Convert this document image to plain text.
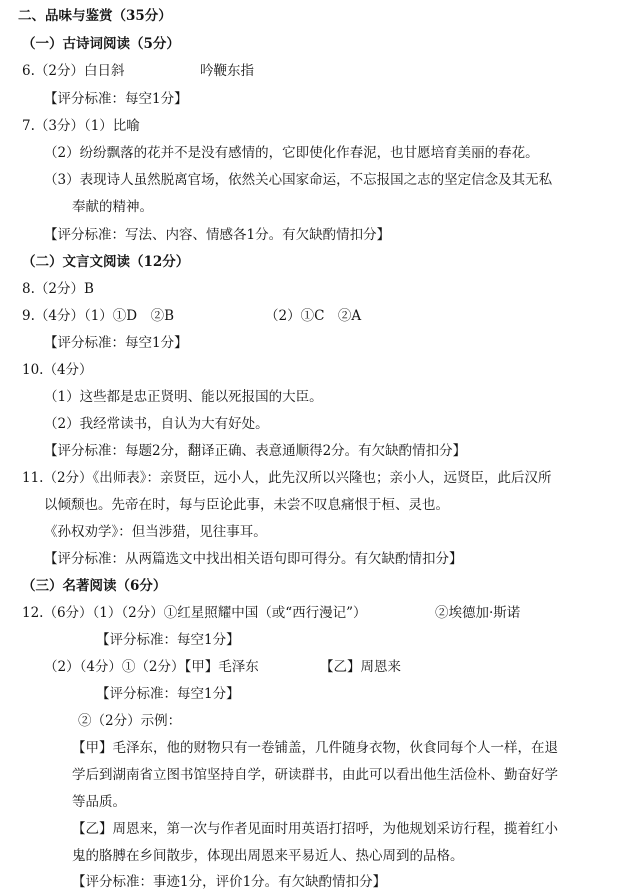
二、品味与鉴赏（35分）
（一）古诗词阅读（5分）
6.（2分）白日斜	吟鞭东指
【评分标准：每空1分】
7.（3分）（1）比喻
（2）纷纷飘落的花并不是没有感情的，它即使化作春泥，也甘愿培育美丽的春花。
（3）表现诗人虽然脱离官场，依然关心国家命运，不忘报国之志的坚定信念及其无私
奉献的精神。
【评分标准：写法、内容、情感各1分。有欠缺酌情扣分】
（二）文言文阅读（12分）
8.（2分）B
9.（4分）（1）①D　②B	（2）①C　②A
【评分标准：每空1分】
10.（4分）
（1）这些都是忠正贤明、能以死报国的大臣。
（2）我经常读书，自认为大有好处。
【评分标准：每题2分，翻译正确、表意通顺得2分。有欠缺酌情扣分】
11.（2分）《出师表》：亲贤臣，远小人，此先汉所以兴隆也；亲小人，远贤臣，此后汉所
以倾颓也。先帝在时，每与臣论此事，未尝不叹息痛恨于桓、灵也。
《孙权劝学》：但当涉猎，见往事耳。
【评分标准：从两篇选文中找出相关语句即可得分。有欠缺酌情扣分】
（三）名著阅读（6分）
12.（6分）（1）（2分）①红星照耀中国（或“西行漫记”）	②埃德加·斯诺
【评分标准：每空1分】
（2）（4分）①（2分）【甲】毛泽东	【乙】周恩来
【评分标准：每空1分】
②（2分）示例：
【甲】毛泽东，他的财物只有一卷铺盖，几件随身衣物，伙食同每个人一样，在退
学后到湖南省立图书馆坚持自学，研读群书，由此可以看出他生活俭朴、勤奋好学
等品质。
【乙】周恩来，第一次与作者见面时用英语打招呼，为他规划采访行程，揽着红小
鬼的胳膊在乡间散步，体现出周恩来平易近人、热心周到的品格。
【评分标准：事迹1分，评价1分。有欠缺酌情扣分】
